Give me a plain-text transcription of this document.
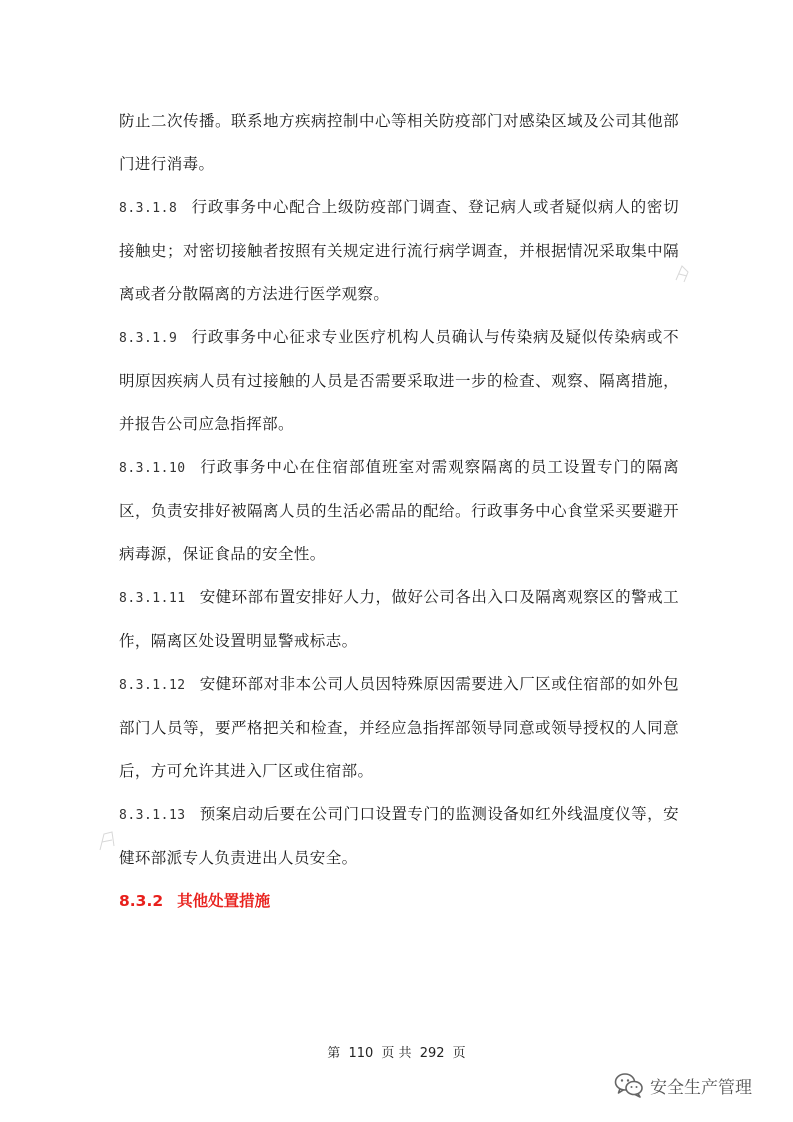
防止二次传播。联系地方疾病控制中心等相关防疫部门对感染区域及公司其他部门进行消毒。

8.3.1.8 行政事务中心配合上级防疫部门调查、登记病人或者疑似病人的密切接触史；对密切接触者按照有关规定进行流行病学调查，并根据情况采取集中隔离或者分散隔离的方法进行医学观察。

8.3.1.9 行政事务中心征求专业医疗机构人员确认与传染病及疑似传染病或不明原因疾病人员有过接触的人员是否需要采取进一步的检查、观察、隔离措施，并报告公司应急指挥部。

8.3.1.10 行政事务中心在住宿部值班室对需观察隔离的员工设置专门的隔离区，负责安排好被隔离人员的生活必需品的配给。行政事务中心食堂采买要避开病毒源，保证食品的安全性。

8.3.1.11 安健环部布置安排好人力，做好公司各出入口及隔离观察区的警戒工作，隔离区处设置明显警戒标志。

8.3.1.12 安健环部对非本公司人员因特殊原因需要进入厂区或住宿部的如外包部门人员等，要严格把关和检查，并经应急指挥部领导同意或领导授权的人同意后，方可允许其进入厂区或住宿部。

8.3.1.13 预案启动后要在公司门口设置专门的监测设备如红外线温度仪等，安健环部派专人负责进出人员安全。

8.3.2 其他处置措施
第 110 页 共 292 页
安全生产管理
